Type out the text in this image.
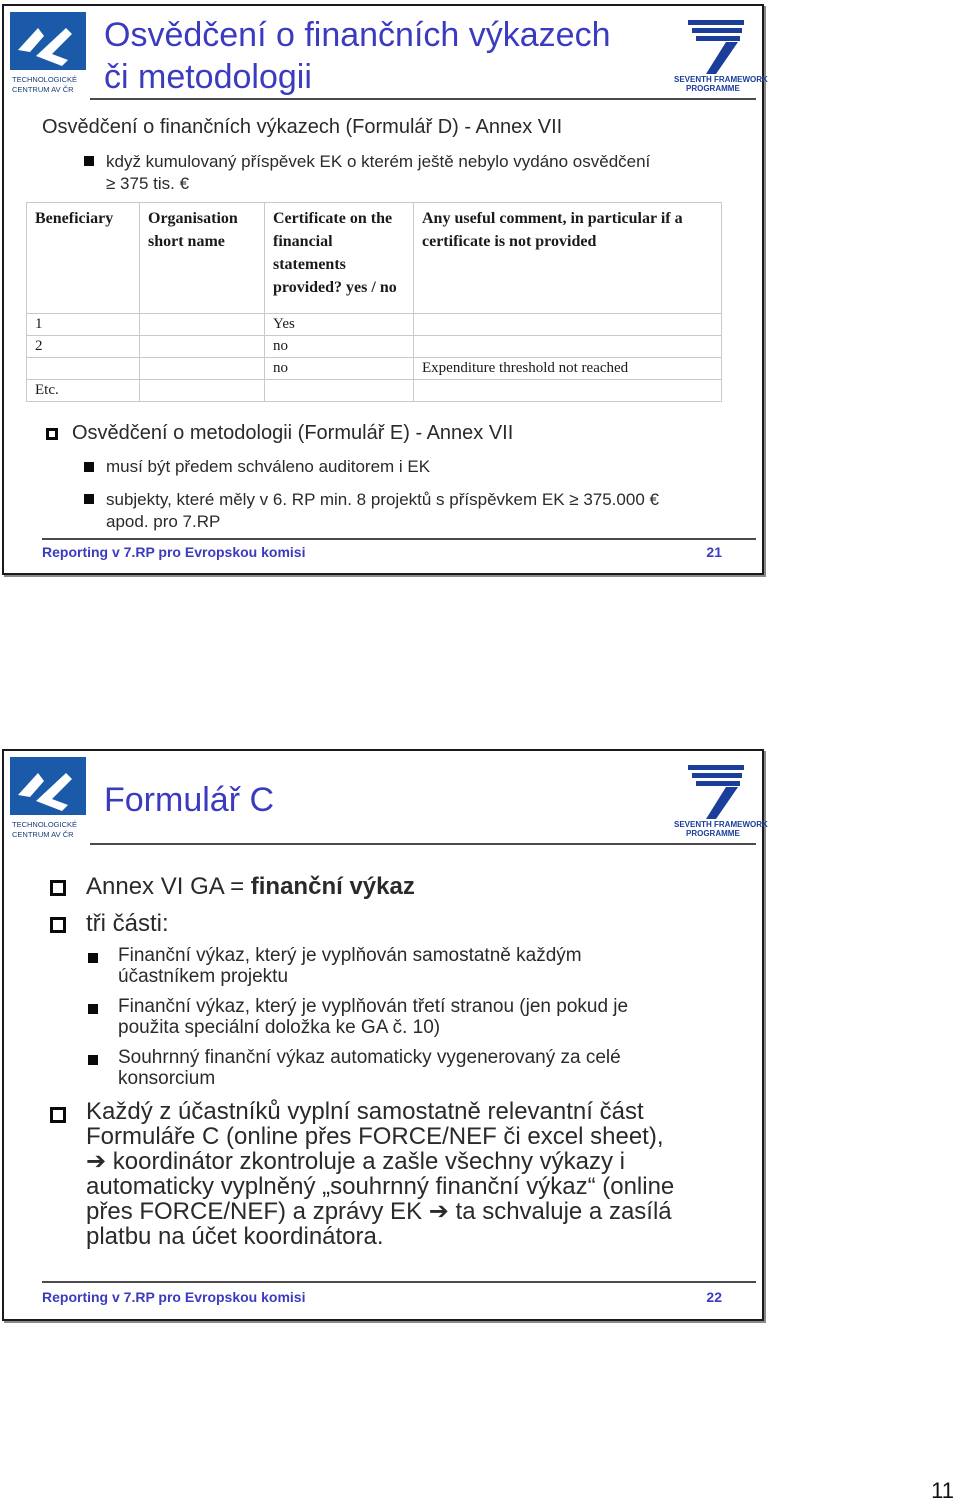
TECHNOLOGICKÉ
CENTRUM AV ČR
Osvědčení o finančních výkazech
či metodologii	SEVENTH FRAMEWORK
PROGRAMME
Osvědčení o finančních výkazech (Formulář D) - Annex VII
když kumulovaný příspěvek EK o kterém ještě nebylo vydáno osvědčení
≥ 375 tis. €
Beneficiary	Organisation short name	Certificate on the financial statements provided? yes / no	Any useful comment, in particular if a certificate is not provided
1		Yes	
2		no	
		no	Expenditure threshold not reached
Etc.			
Osvědčení o metodologii (Formulář E) - Annex VII
musí být předem schváleno auditorem i EK
subjekty, které měly v 6. RP min. 8 projektů s příspěvkem EK ≥ 375.000 €
apod. pro 7.RP
Reporting v 7.RP pro Evropskou komisi	21
TECHNOLOGICKÉ
CENTRUM AV ČR
Formulář C
SEVENTH FRAMEWORK
PROGRAMME
Annex VI GA = finanční výkaz
tři části:
Finanční výkaz, který je vyplňován samostatně každým
účastníkem projektu
Finanční výkaz, který je vyplňován třetí stranou (jen pokud je
použita speciální doložka ke GA č. 10)
Souhrnný finanční výkaz automaticky vygenerovaný za celé
konsorcium
Každý z účastníků vyplní samostatně relevantní část
Formuláře C (online přes FORCE/NEF či excel sheet),
➔ koordinátor zkontroluje a zašle všechny výkazy i
automaticky vyplněný „souhrnný finanční výkaz“ (online
přes FORCE/NEF) a zprávy EK ➔ ta schvaluje a zasílá
platbu na účet koordinátora.
Reporting v 7.RP pro Evropskou komisi	22
11
